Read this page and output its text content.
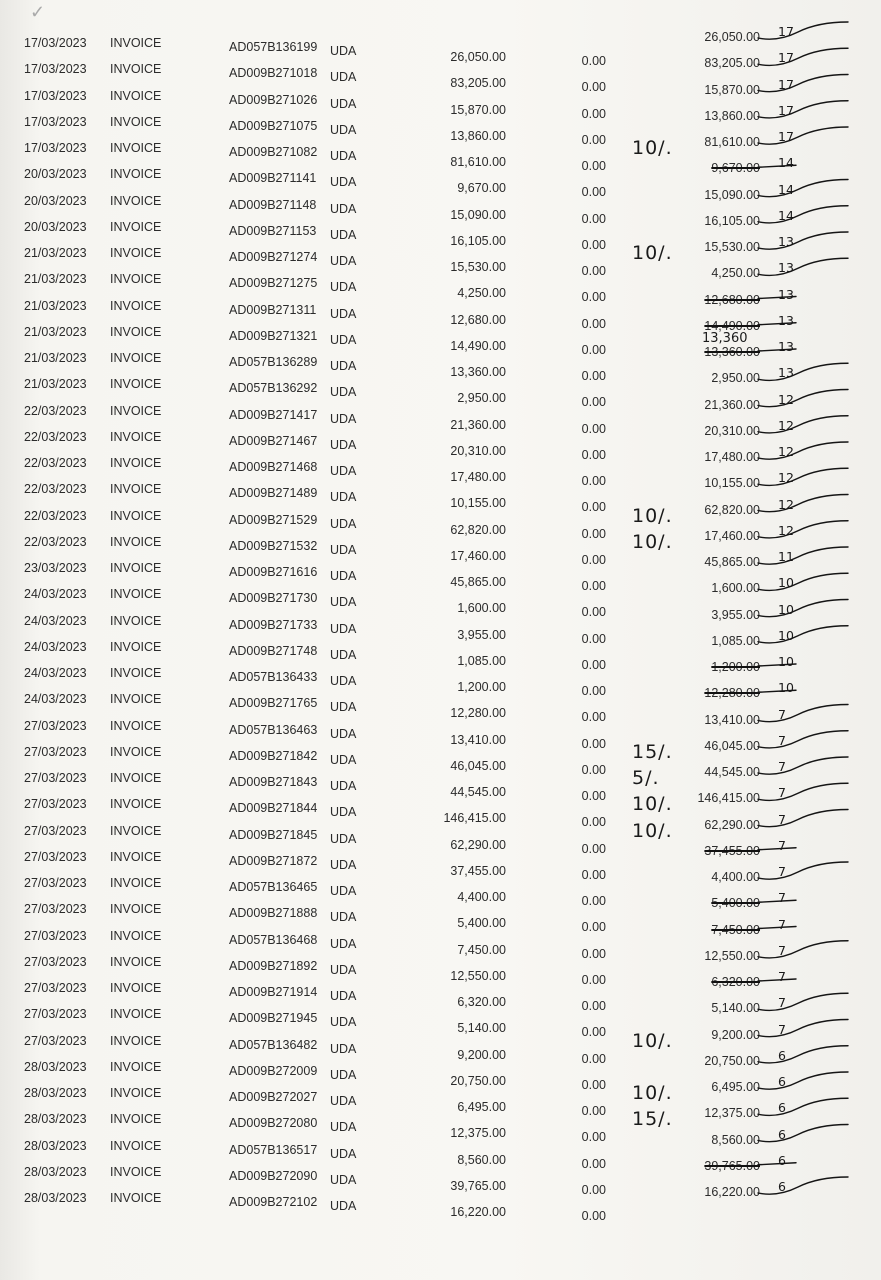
✓
17/03/2023 INVOICE	AD057B136199 UDA	26,050.00	0.00
26,050.00 17
17/03/2023 INVOICE	AD009B271018 UDA	83,205.00	0.00
83,205.00 17
17/03/2023 INVOICE	AD009B271026 UDA	15,870.00	0.00
15,870.00 17
17/03/2023 INVOICE	AD009B271075 UDA	13,860.00	0.00
13,860.00 17
17/03/2023 INVOICE	AD009B271082 UDA	81,610.00	0.00
81,610.00 17
10/.
20/03/2023 INVOICE	AD009B271141 UDA	9,670.00	0.00
9,670.00 14
20/03/2023 INVOICE	AD009B271148 UDA	15,090.00	0.00
15,090.00 14
20/03/2023 INVOICE	AD009B271153 UDA	16,105.00	0.00
16,105.00 14
21/03/2023 INVOICE	AD009B271274 UDA	15,530.00	0.00
15,530.00 13
10/.
21/03/2023 INVOICE	AD009B271275 UDA	4,250.00	0.00
4,250.00 13
21/03/2023 INVOICE	AD009B271311 UDA	12,680.00	0.00
12,680.00 13
21/03/2023 INVOICE	AD009B271321 UDA	14,490.00	0.00
14,490.00 13
21/03/2023 INVOICE	AD057B136289 UDA	13,360.00	0.00
13,360.00 13
13,360
21/03/2023 INVOICE	AD057B136292 UDA	2,950.00	0.00
2,950.00 13
22/03/2023 INVOICE	AD009B271417 UDA	21,360.00	0.00
21,360.00 12
22/03/2023 INVOICE	AD009B271467 UDA	20,310.00	0.00
20,310.00 12
22/03/2023 INVOICE	AD009B271468 UDA	17,480.00	0.00
17,480.00 12
22/03/2023 INVOICE	AD009B271489 UDA	10,155.00	0.00
10,155.00 12
22/03/2023 INVOICE	AD009B271529 UDA	62,820.00	0.00
62,820.00 12
10/.
22/03/2023 INVOICE	AD009B271532 UDA	17,460.00	0.00
17,460.00 12
10/.
23/03/2023 INVOICE	AD009B271616 UDA	45,865.00	0.00
45,865.00 11
24/03/2023 INVOICE	AD009B271730 UDA	1,600.00	0.00
1,600.00 10
24/03/2023 INVOICE	AD009B271733 UDA	3,955.00	0.00
3,955.00 10
24/03/2023 INVOICE	AD009B271748 UDA	1,085.00	0.00
1,085.00 10
24/03/2023 INVOICE	AD057B136433 UDA	1,200.00	0.00
1,200.00 10
24/03/2023 INVOICE	AD009B271765 UDA	12,280.00	0.00
12,280.00 10
27/03/2023 INVOICE	AD057B136463 UDA	13,410.00	0.00
13,410.00 7
27/03/2023 INVOICE	AD009B271842 UDA	46,045.00	0.00
46,045.00 7
15/.
27/03/2023 INVOICE	AD009B271843 UDA	44,545.00	0.00
44,545.00 7
5/.
27/03/2023 INVOICE	AD009B271844 UDA	146,415.00	0.00
146,415.00 7
10/.
27/03/2023 INVOICE	AD009B271845 UDA	62,290.00	0.00
62,290.00 7
10/.
27/03/2023 INVOICE	AD009B271872 UDA	37,455.00	0.00
37,455.00 7
27/03/2023 INVOICE	AD057B136465 UDA	4,400.00	0.00
4,400.00 7
27/03/2023 INVOICE	AD009B271888 UDA	5,400.00	0.00
5,400.00 7
27/03/2023 INVOICE	AD057B136468 UDA	7,450.00	0.00
7,450.00 7
27/03/2023 INVOICE	AD009B271892 UDA	12,550.00	0.00
12,550.00 7
27/03/2023 INVOICE	AD009B271914 UDA	6,320.00	0.00
6,320.00 7
27/03/2023 INVOICE	AD009B271945 UDA	5,140.00	0.00
5,140.00 7
27/03/2023 INVOICE	AD057B136482 UDA	9,200.00	0.00
9,200.00 7
10/.
28/03/2023 INVOICE	AD009B272009 UDA	20,750.00	0.00
20,750.00 6
28/03/2023 INVOICE	AD009B272027 UDA	6,495.00	0.00
6,495.00 6
10/.
28/03/2023 INVOICE	AD009B272080 UDA	12,375.00	0.00
12,375.00 6
15/.
28/03/2023 INVOICE	AD057B136517 UDA	8,560.00	0.00
8,560.00 6
28/03/2023 INVOICE	AD009B272090 UDA	39,765.00	0.00
39,765.00 6
28/03/2023 INVOICE	AD009B272102 UDA	16,220.00	0.00
16,220.00 6
